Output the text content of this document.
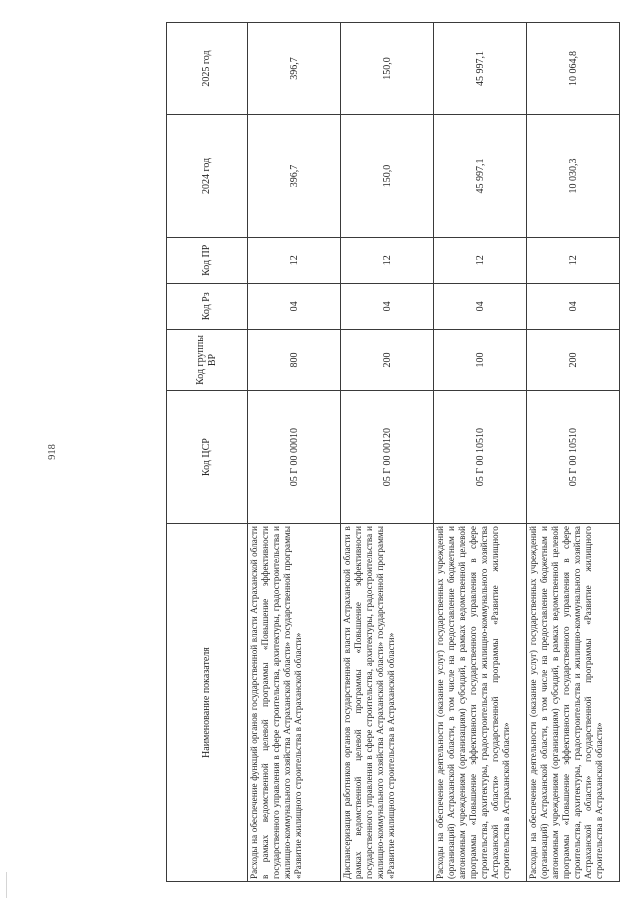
918
Наименование показателя	Код ЦСР	Код группы ВР	Код Рз	Код ПР	2024 год	2025 год
Расходы на обеспечение функций органов государственной власти Астраханской области в рамках ведомственной целевой программы «Повышение эффективности государственного управления в сфере строительства, архитектуры, градостроительства и жилищно-коммунального хозяйства Астраханской области» государственной программы «Развитие жилищного строительства в Астраханской области»	05 Г 00 00010	800	04	12	396,7	396,7
Диспансеризация работников органов государственной власти Астраханской области в рамках ведомственной целевой программы «Повышение эффективности государственного управления в сфере строительства, архитектуры, градостроительства и жилищно-коммунального хозяйства Астраханской области» государственной программы «Развитие жилищного строительства в Астраханской области»	05 Г 00 00120	200	04	12	150,0	150,0
Расходы на обеспечение деятельности (оказание услуг) государственных учреждений (организаций) Астраханской области, в том числе на предоставление бюджетным и автономным учреждениям (организациям) субсидий, в рамках ведомственной целевой программы «Повышение эффективности государственного управления в сфере строительства, архитектуры, градостроительства и жилищно-коммунального хозяйства Астраханской области» государственной программы «Развитие жилищного строительства в Астраханской области»	05 Г 00 10510	100	04	12	45 997,1	45 997,1
Расходы на обеспечение деятельности (оказание услуг) государственных учреждений (организаций) Астраханской области, в том числе на предоставление бюджетным и автономным учреждениям (организациям) субсидий, в рамках ведомственной целевой программы «Повышение эффективности государственного управления в сфере строительства, архитектуры, градостроительства и жилищно-коммунального хозяйства Астраханской области» государственной программы «Развитие жилищного строительства в Астраханской области»	05 Г 00 10510	200	04	12	10 030,3	10 064,8
